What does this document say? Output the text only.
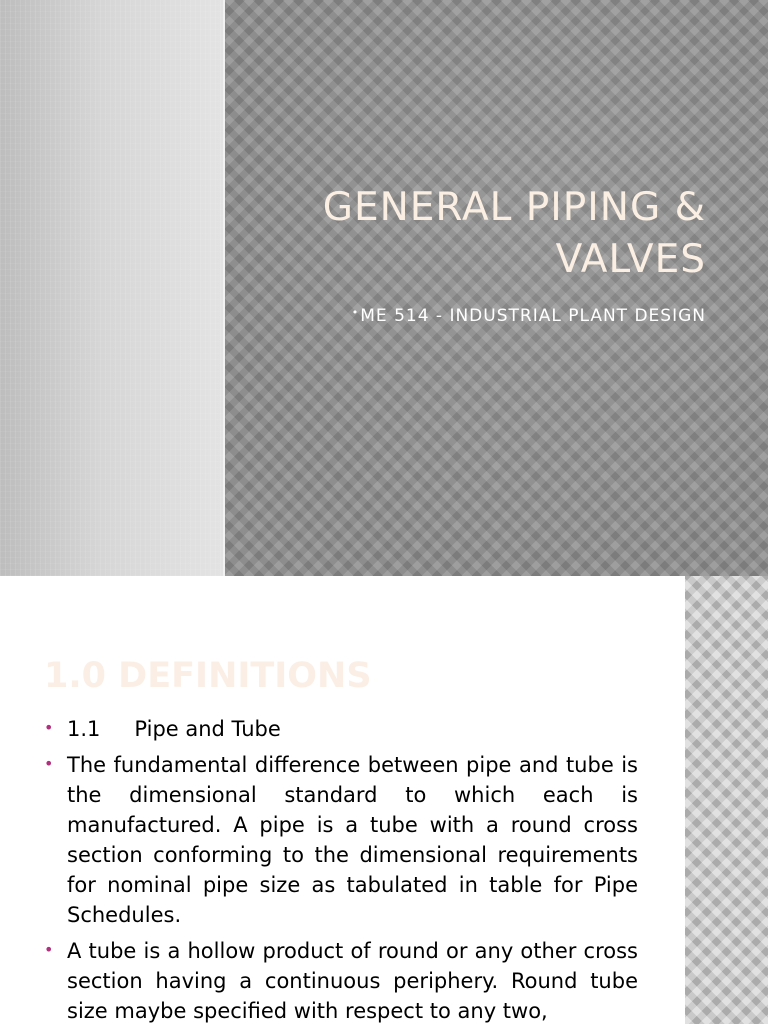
GENERAL PIPING & VALVES
•ME 514 - INDUSTRIAL PLANT DESIGN
1.0 DEFINITIONS
• 1.1 Pipe and Tube
• The fundamental difference between pipe and tube is the dimensional standard to which each is manufactured. A pipe is a tube with a round cross section conforming to the dimensional requirements for nominal pipe size as tabulated in table for Pipe Schedules.
• A tube is a hollow product of round or any other cross section having a continuous periphery. Round tube size maybe specified with respect to any two,
